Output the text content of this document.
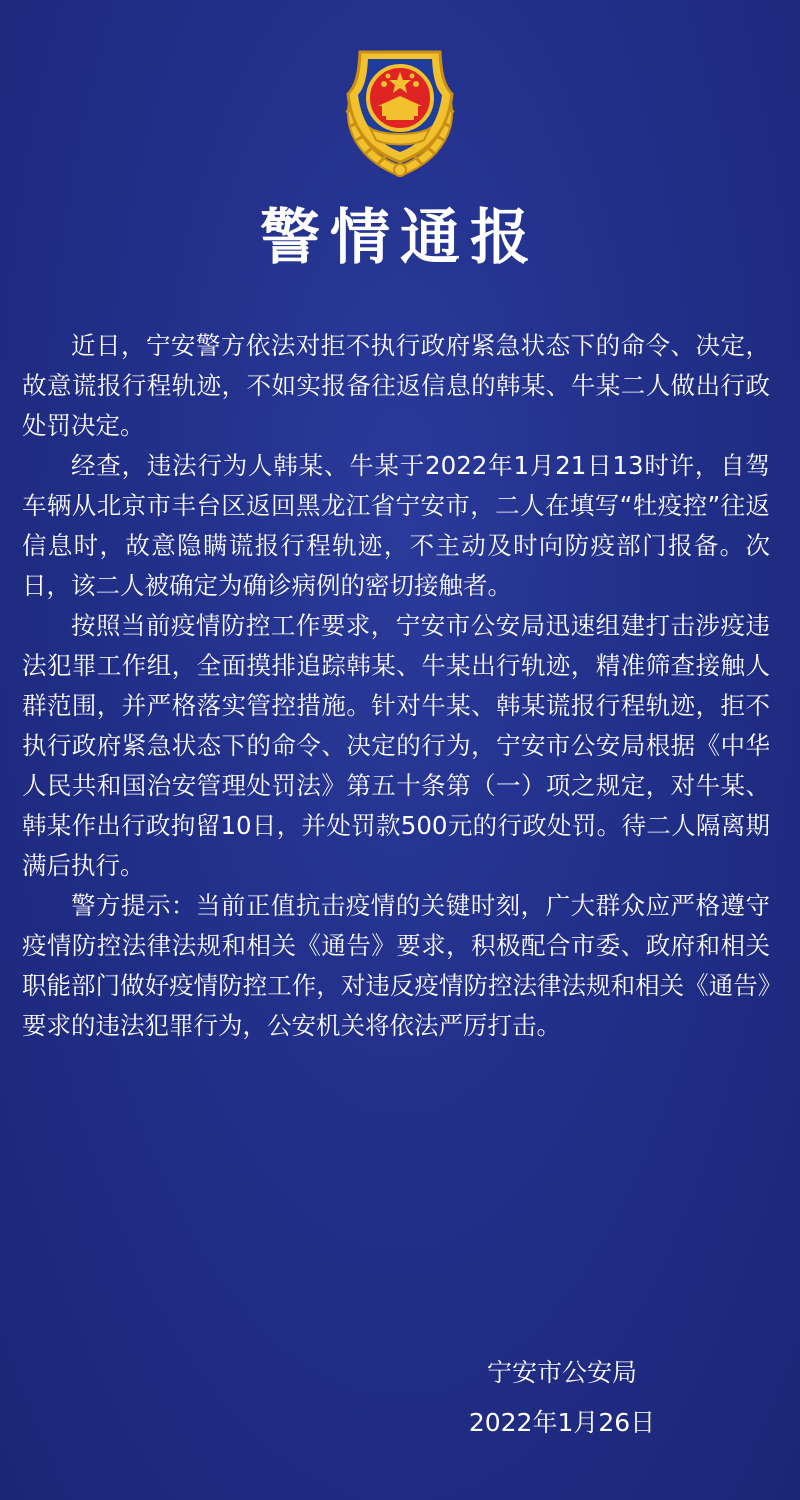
警情通报

近日，宁安警方依法对拒不执行政府紧急状态下的命令、决定，故意谎报行程轨迹，不如实报备往返信息的韩某、牛某二人做出行政处罚决定。

经查，违法行为人韩某、牛某于2022年1月21日13时许，自驾车辆从北京市丰台区返回黑龙江省宁安市，二人在填写“牡疫控”往返信息时，故意隐瞒谎报行程轨迹，不主动及时向防疫部门报备。次日，该二人被确定为确诊病例的密切接触者。

按照当前疫情防控工作要求，宁安市公安局迅速组建打击涉疫违法犯罪工作组，全面摸排追踪韩某、牛某出行轨迹，精准筛查接触人群范围，并严格落实管控措施。针对牛某、韩某谎报行程轨迹，拒不执行政府紧急状态下的命令、决定的行为，宁安市公安局根据《中华人民共和国治安管理处罚法》第五十条第（一）项之规定，对牛某、韩某作出行政拘留10日，并处罚款500元的行政处罚。待二人隔离期满后执行。

警方提示：当前正值抗击疫情的关键时刻，广大群众应严格遵守疫情防控法律法规和相关《通告》要求，积极配合市委、政府和相关职能部门做好疫情防控工作，对违反疫情防控法律法规和相关《通告》要求的违法犯罪行为，公安机关将依法严厉打击。

宁安市公安局
2022年1月26日
